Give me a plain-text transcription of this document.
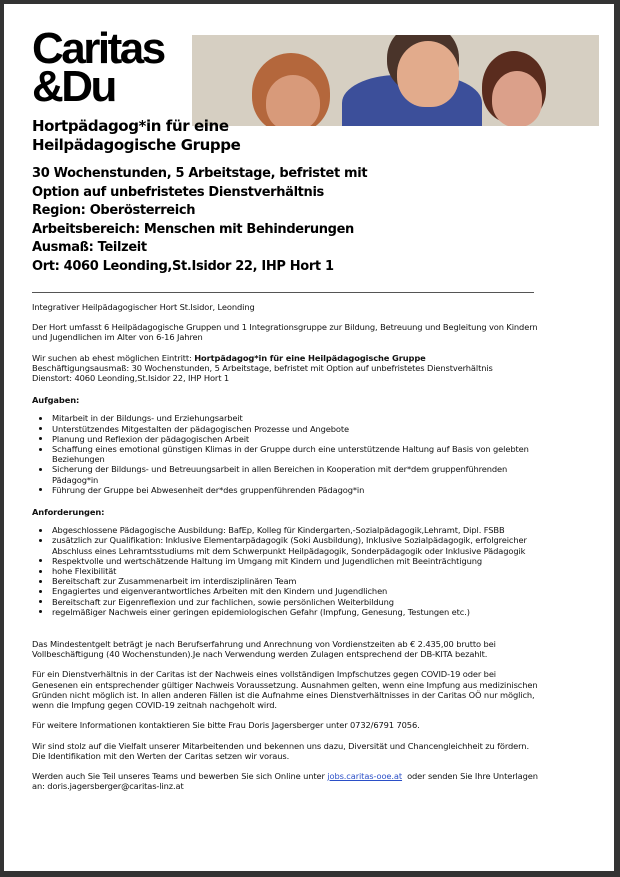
Caritas
&Du
Hortpädagog*in für eine
Heilpädagogische Gruppe
30 Wochenstunden, 5 Arbeitstage, befristet mit
Option auf unbefristetes Dienstverhältnis
Region: Oberösterreich
Arbeitsbereich: Menschen mit Behinderungen
Ausmaß: Teilzeit
Ort: 4060 Leonding,St.Isidor 22, IHP Hort 1

Integrativer Heilpädagogischer Hort St.Isidor, Leonding

Der Hort umfasst 6 Heilpädagogische Gruppen und 1 Integrationsgruppe zur Bildung, Betreuung und Begleitung von Kindern und Jugendlichen im Alter von 6-16 Jahren

Wir suchen ab ehest möglichen Eintritt: Hortpädagog*in für eine Heilpädagogische Gruppe
Beschäftigungsausmaß: 30 Wochenstunden, 5 Arbeitstage, befristet mit Option auf unbefristetes Dienstverhältnis
Dienstort: 4060 Leonding,St.Isidor 22, IHP Hort 1

Aufgaben:

Mitarbeit in der Bildungs- und Erziehungsarbeit
Unterstützendes Mitgestalten der pädagogischen Prozesse und Angebote
Planung und Reflexion der pädagogischen Arbeit
Schaffung eines emotional günstigen Klimas in der Gruppe durch eine unterstützende Haltung auf Basis von gelebten Beziehungen
Sicherung der Bildungs- und Betreuungsarbeit in allen Bereichen in Kooperation mit der*dem gruppenführenden Pädagog*in
Führung der Gruppe bei Abwesenheit der*des gruppenführenden Pädagog*in

Anforderungen:

Abgeschlossene Pädagogische Ausbildung: BafEp, Kolleg für Kindergarten,-Sozialpädagogik,Lehramt, Dipl. FSBB
zusätzlich zur Qualifikation: Inklusive Elementarpädagogik (Soki Ausbildung), Inklusive Sozialpädagogik, erfolgreicher Abschluss eines Lehramtsstudiums mit dem Schwerpunkt Heilpädagogik, Sonderpädagogik oder Inklusive Pädagogik
Respektvolle und wertschätzende Haltung im Umgang mit Kindern und Jugendlichen mit Beeinträchtigung
hohe Flexibilität
Bereitschaft zur Zusammenarbeit im interdisziplinären Team
Engagiertes und eigenverantwortliches Arbeiten mit den Kindern und Jugendlichen
Bereitschaft zur Eigenreflexion und zur fachlichen, sowie persönlichen Weiterbildung
regelmäßiger Nachweis einer geringen epidemiologischen Gefahr (Impfung, Genesung, Testungen etc.)

Das Mindestentgelt beträgt je nach Berufserfahrung und Anrechnung von Vordienstzeiten ab € 2.435,00 brutto bei Vollbeschäftigung (40 Wochenstunden).Je nach Verwendung werden Zulagen entsprechend der DB-KITA bezahlt.

Für ein Dienstverhältnis in der Caritas ist der Nachweis eines vollständigen Impfschutzes gegen COVID-19 oder bei Genesenen ein entsprechender gültiger Nachweis Voraussetzung. Ausnahmen gelten, wenn eine Impfung aus medizinischen Gründen nicht möglich ist. In allen anderen Fällen ist die Aufnahme eines Dienstverhältnisses in der Caritas OÖ nur möglich, wenn die Impfung gegen COVID-19 zeitnah nachgeholt wird.

Für weitere Informationen kontaktieren Sie bitte Frau Doris Jagersberger unter 0732/6791 7056.

Wir sind stolz auf die Vielfalt unserer Mitarbeitenden und bekennen uns dazu, Diversität und Chancengleichheit zu fördern. Die Identifikation mit den Werten der Caritas setzen wir voraus.

Werden auch Sie Teil unseres Teams und bewerben Sie sich Online unter jobs.caritas-ooe.at  oder senden Sie Ihre Unterlagen an: doris.jagersberger@caritas-linz.at
